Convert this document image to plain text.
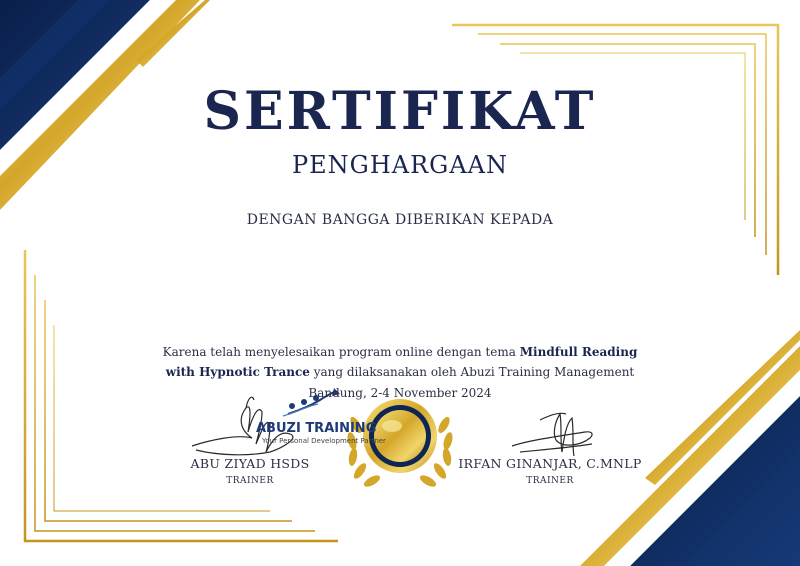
SERTIFIKAT
PENGHARGAAN
DENGAN BANGGA DIBERIKAN KEPADA
Karena telah menyelesaikan program online dengan tema Mindfull Reading with Hypnotic Trance yang dilaksanakan oleh Abuzi Training Management
Bandung, 2-4 November 2024
ABUZI TRAINING
Your Personal Development Partner
ABU ZIYAD HSDS
TRAINER
IRFAN GINANJAR, C.MNLP
TRAINER
